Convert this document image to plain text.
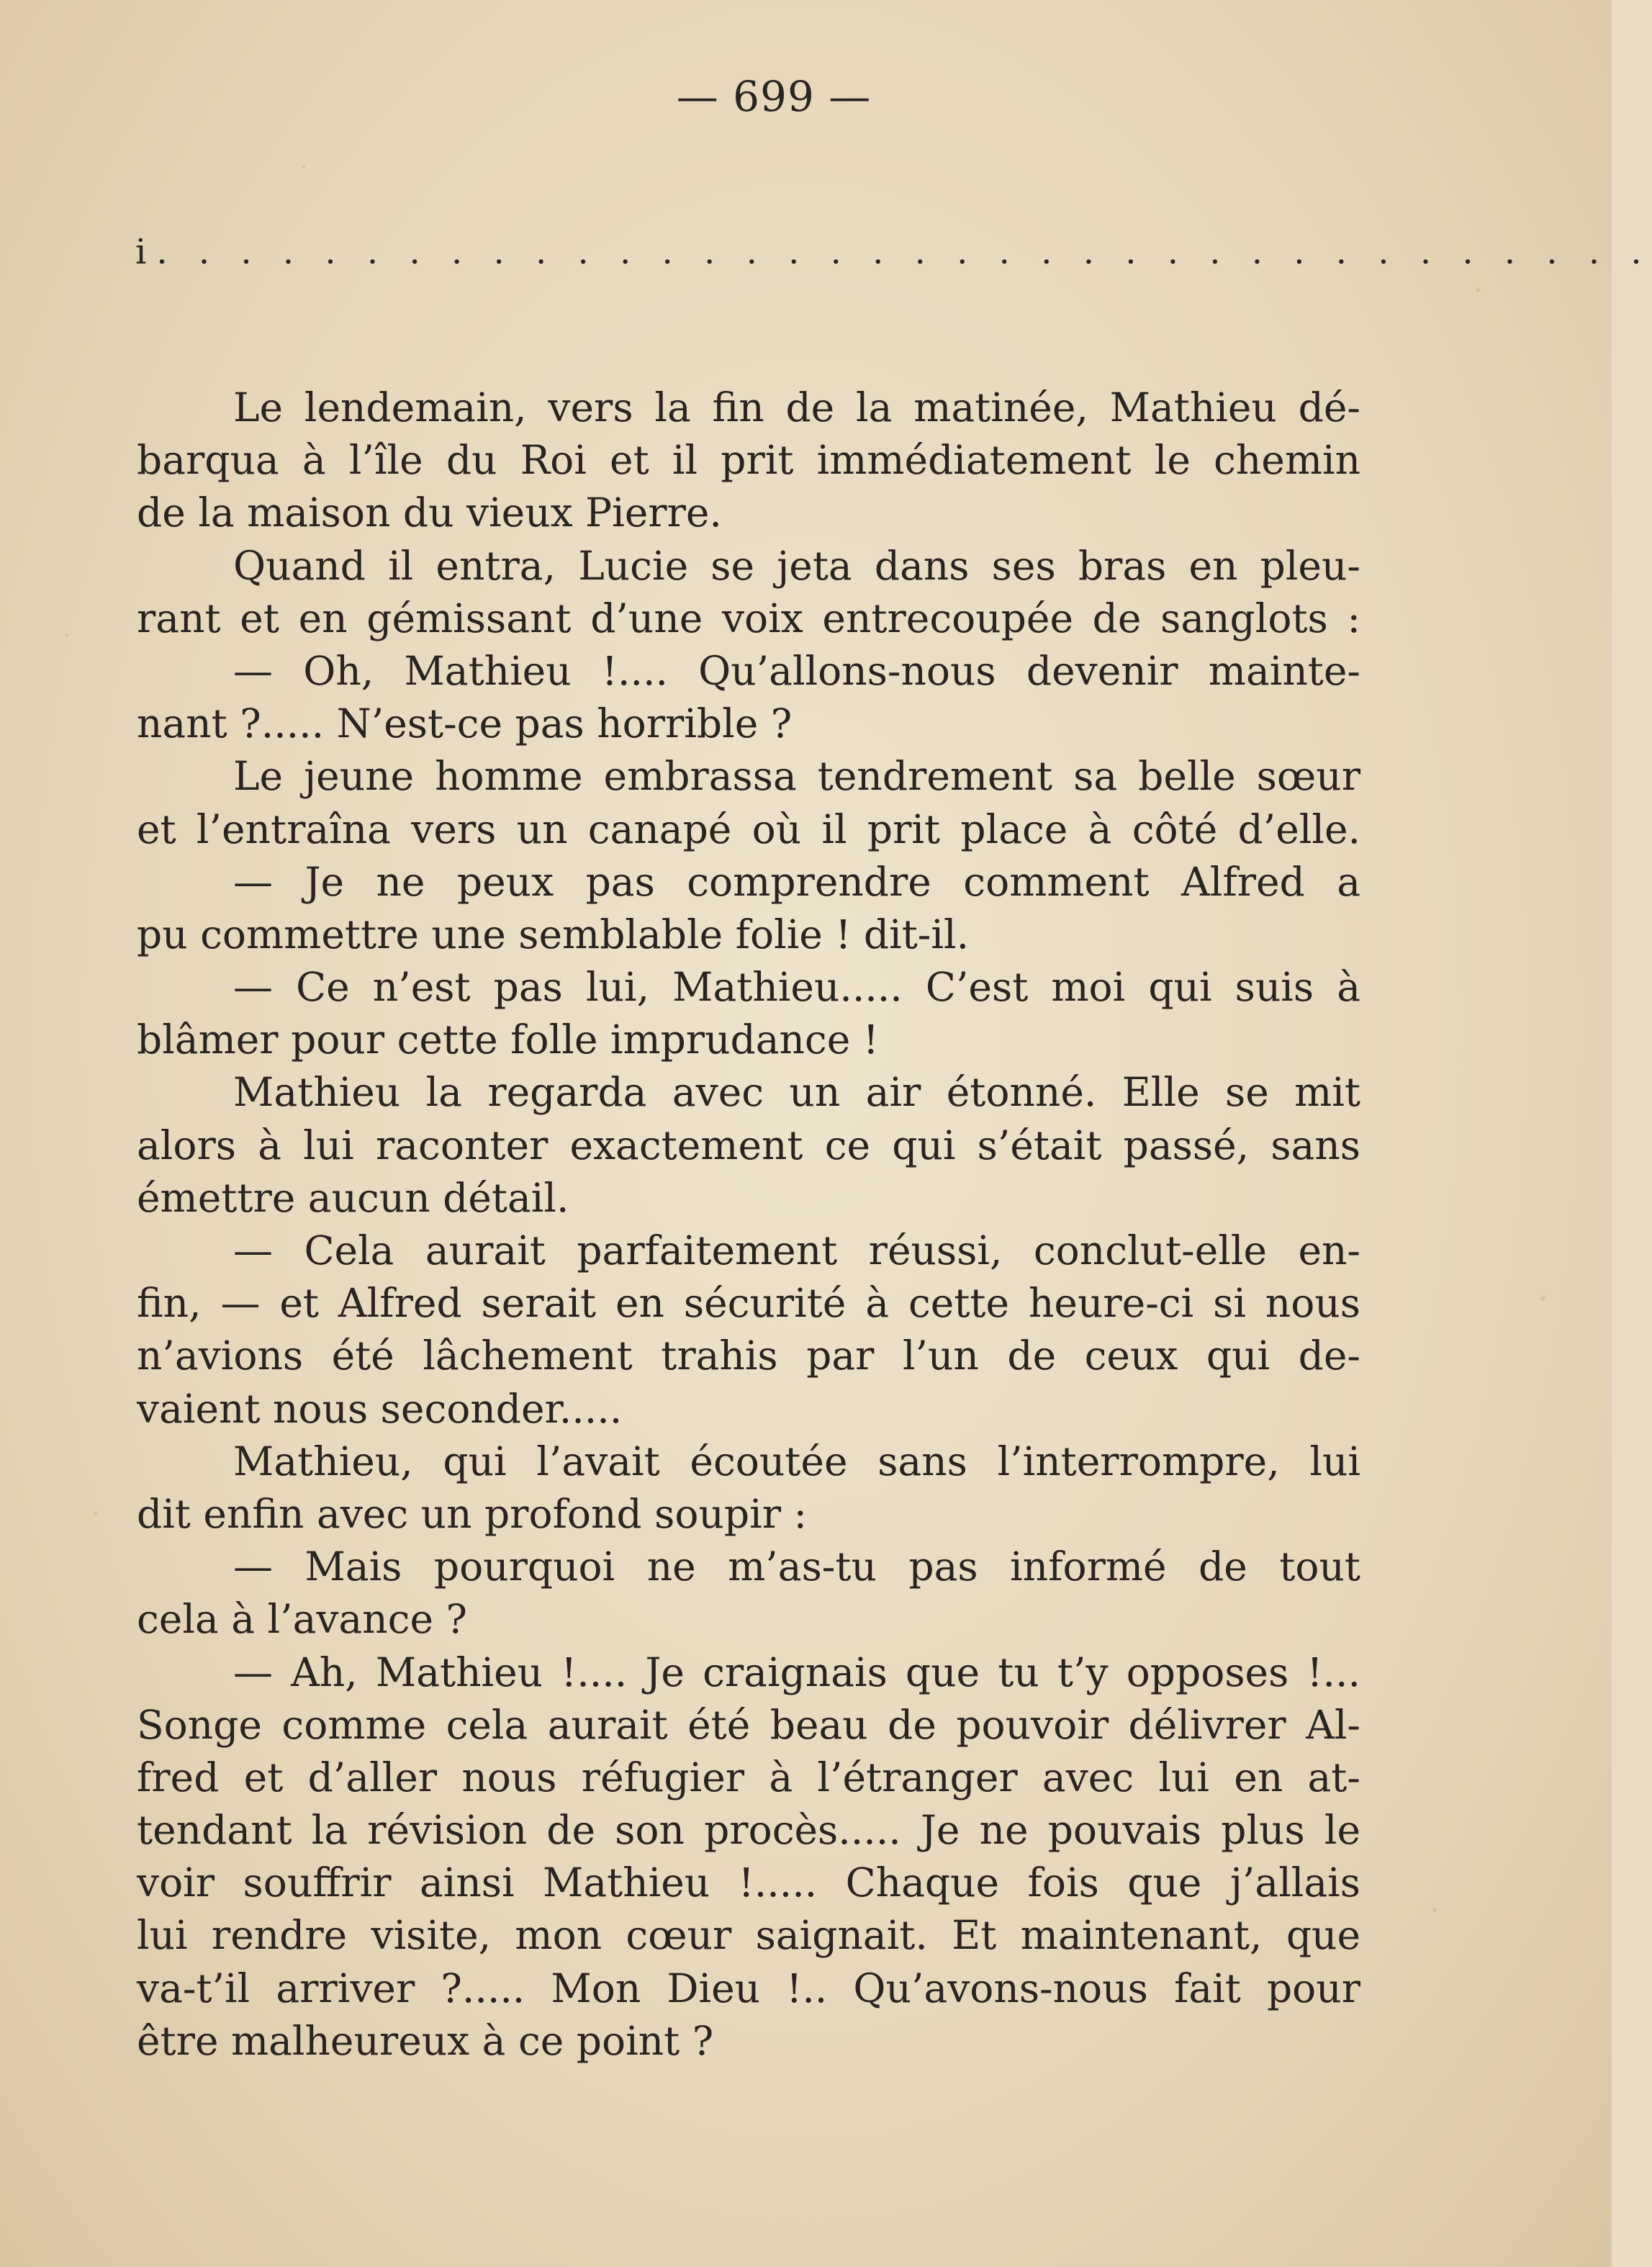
— 699 —
i. . . . . . . . . . . . . . . . . . . . . . . . . . . . . . . . . . . .
Le lendemain, vers la fin de la matinée, Mathieu dé-
barqua à l’île du Roi et il prit immédiatement le chemin
de la maison du vieux Pierre.
Quand il entra, Lucie se jeta dans ses bras en pleu-
rant et en gémissant d’une voix entrecoupée de sanglots :
— Oh, Mathieu !.... Qu’allons-nous devenir mainte-
nant ?..... N’est-ce pas horrible ?
Le jeune homme embrassa tendrement sa belle sœur
et l’entraîna vers un canapé où il prit place à côté d’elle.
— Je ne peux pas comprendre comment Alfred a
pu commettre une semblable folie ! dit-il.
— Ce n’est pas lui, Mathieu..... C’est moi qui suis à
blâmer pour cette folle imprudance !
Mathieu la regarda avec un air étonné. Elle se mit
alors à lui raconter exactement ce qui s’était passé, sans
émettre aucun détail.
— Cela aurait parfaitement réussi, conclut-elle en-
fin, — et Alfred serait en sécurité à cette heure-ci si nous
n’avions été lâchement trahis par l’un de ceux qui de-
vaient nous seconder.....
Mathieu, qui l’avait écoutée sans l’interrompre, lui
dit enfin avec un profond soupir :
— Mais pourquoi ne m’as-tu pas informé de tout
cela à l’avance ?
— Ah, Mathieu !.... Je craignais que tu t’y opposes !...
Songe comme cela aurait été beau de pouvoir délivrer Al-
fred et d’aller nous réfugier à l’étranger avec lui en at-
tendant la révision de son procès..... Je ne pouvais plus le
voir souffrir ainsi Mathieu !..... Chaque fois que j’allais
lui rendre visite, mon cœur saignait. Et maintenant, que
va-t’il arriver ?..... Mon Dieu !.. Qu’avons-nous fait pour
être malheureux à ce point ?
